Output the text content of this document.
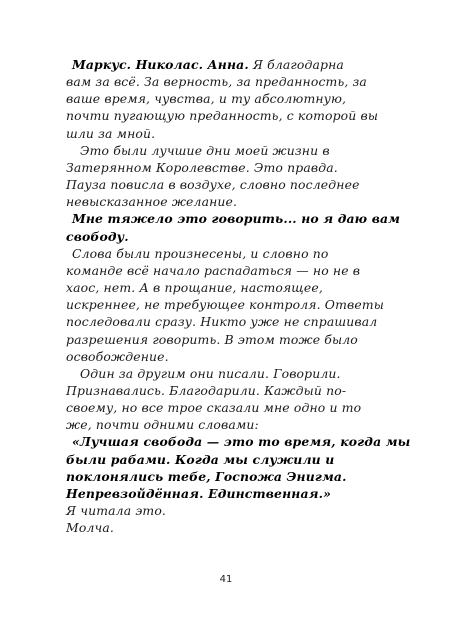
Маркус. Николас. Анна. Я благодарна
вам за всё. За верность, за преданность, за
ваше время, чувства, и ту абсолютную,
почти пугающую преданность, с которой вы
шли за мной.
Это были лучшие дни моей жизни в
Затерянном Королевстве. Это правда.
Пауза повисла в воздухе, словно последнее
невысказанное желание.
Мне тяжело это говорить... но я даю вам
свободу.
Слова были произнесены, и словно по
команде всё начало распадаться — но не в
хаос, нет. А в прощание, настоящее,
искреннее, не требующее контроля. Ответы
последовали сразу. Никто уже не спрашивал
разрешения говорить. В этом тоже было
освобождение.
Один за другим они писали. Говорили.
Признавались. Благодарили. Каждый по-
своему, но все трое сказали мне одно и то
же, почти одними словами:
«Лучшая свобода — это то время, когда мы
были рабами. Когда мы служили и
поклонялись тебе, Госпожа Энигма.
Непревзойдённая. Единственная.»
Я читала это.
Молча.
41
